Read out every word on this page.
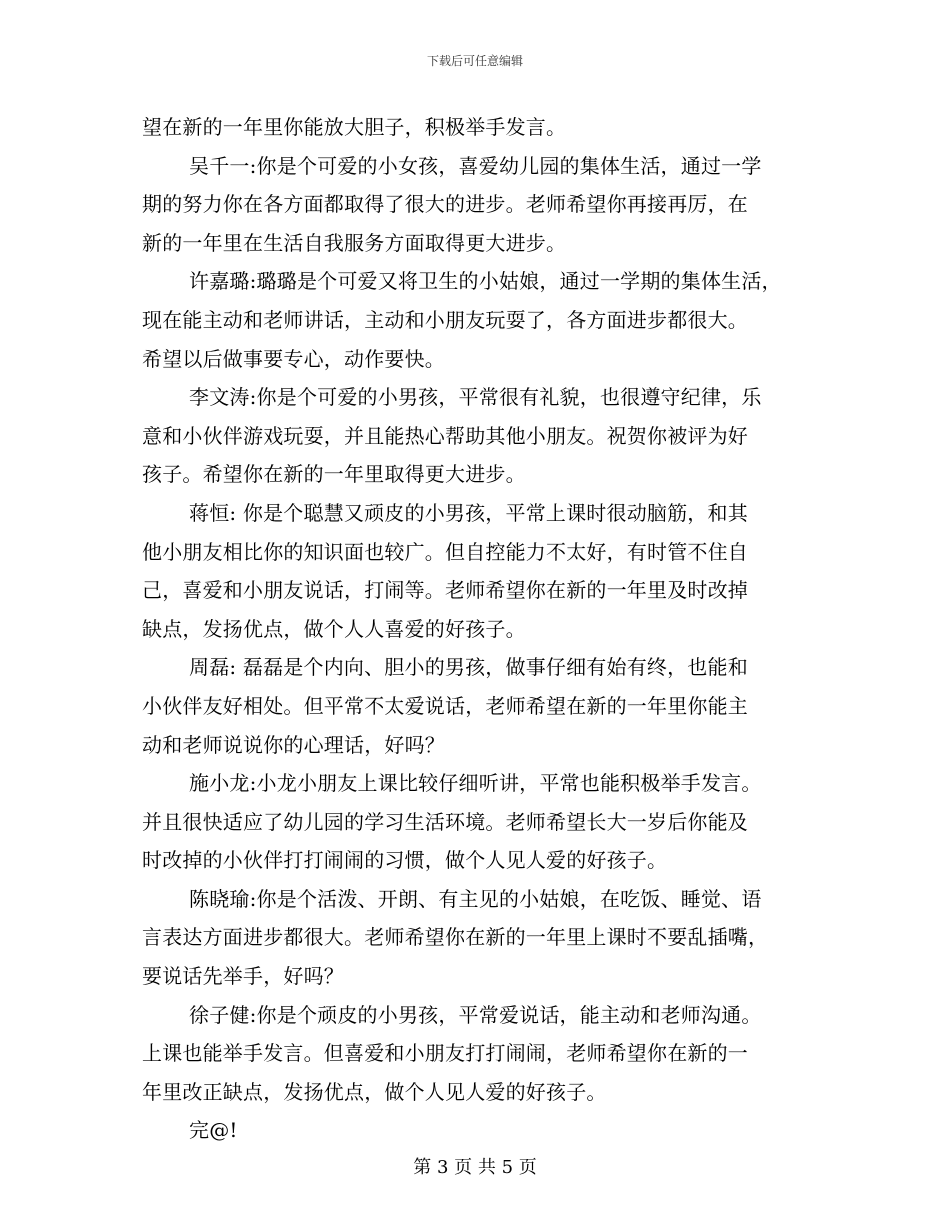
下载后可任意编辑
望在新的一年里你能放大胆子，积极举手发言。
吴千一:你是个可爱的小女孩，喜爱幼儿园的集体生活，通过一学
期的努力你在各方面都取得了很大的进步。老师希望你再接再厉，在
新的一年里在生活自我服务方面取得更大进步。
许嘉璐:璐璐是个可爱又将卫生的小姑娘，通过一学期的集体生活，
现在能主动和老师讲话，主动和小朋友玩耍了，各方面进步都很大。
希望以后做事要专心，动作要快。
李文涛:你是个可爱的小男孩，平常很有礼貌，也很遵守纪律，乐
意和小伙伴游戏玩耍，并且能热心帮助其他小朋友。祝贺你被评为好
孩子。希望你在新的一年里取得更大进步。
蒋恒: 你是个聪慧又顽皮的小男孩，平常上课时很动脑筋，和其
他小朋友相比你的知识面也较广。但自控能力不太好，有时管不住自
己，喜爱和小朋友说话，打闹等。老师希望你在新的一年里及时改掉
缺点，发扬优点，做个人人喜爱的好孩子。
周磊: 磊磊是个内向、胆小的男孩，做事仔细有始有终，也能和
小伙伴友好相处。但平常不太爱说话，老师希望在新的一年里你能主
动和老师说说你的心理话，好吗？
施小龙:小龙小朋友上课比较仔细听讲，平常也能积极举手发言。
并且很快适应了幼儿园的学习生活环境。老师希望长大一岁后你能及
时改掉的小伙伴打打闹闹的习惯，做个人见人爱的好孩子。
陈晓瑜:你是个活泼、开朗、有主见的小姑娘，在吃饭、睡觉、语
言表达方面进步都很大。老师希望你在新的一年里上课时不要乱插嘴，
要说话先举手，好吗？
徐子健:你是个顽皮的小男孩，平常爱说话，能主动和老师沟通。
上课也能举手发言。但喜爱和小朋友打打闹闹，老师希望你在新的一
年里改正缺点，发扬优点，做个人见人爱的好孩子。
完@!
第 3 页 共 5 页
